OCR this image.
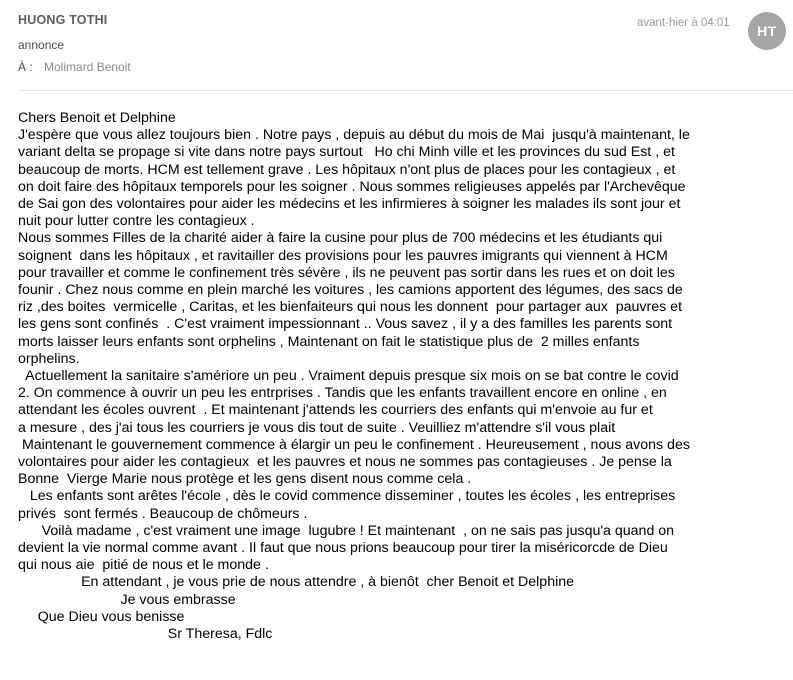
HUONG TOTHI
annonce
À : Molimard Benoit
avant-hier à 04:01	HT

Chers Benoit et Delphine

J'espère que vous allez toujours bien . Notre pays , depuis au début du mois de Mai  jusqu'à maintenant, le

variant delta se propage si vite dans notre pays surtout   Ho chi Minh ville et les provinces du sud Est , et

beaucoup de morts. HCM est tellement grave . Les hôpitaux n'ont plus de places pour les contagieux , et

on doit faire des hôpitaux temporels pour les soigner . Nous sommes religieuses appelés par l'Archevêque

de Sai gon des volontaires pour aider les médecins et les infirmieres à soigner les malades ils sont jour et

nuit pour lutter contre les contagieux .

Nous sommes Filles de la charité aider à faire la cusine pour plus de 700 médecins et les étudiants qui

soignent  dans les hôpitaux , et ravitailler des provisions pour les pauvres imigrants qui viennent à HCM

pour travailler et comme le confinement très sévère , ils ne peuvent pas sortir dans les rues et on doit les

founir . Chez nous comme en plein marché les voitures , les camions apportent des légumes, des sacs de

riz ,des boites  vermicelle , Caritas, et les bienfaiteurs qui nous les donnent  pour partager aux  pauvres et

les gens sont confinés  . C'est vraiment impessionnant .. Vous savez , il y a des familles les parents sont

morts laisser leurs enfants sont orphelins , Maintenant on fait le statistique plus de  2 milles enfants

orphelins.

Actuellement la sanitaire s'amériore un peu . Vraiment depuis presque six mois on se bat contre le covid

2. On commence à ouvrir un peu les entrprises . Tandis que les enfants travaillent encore en online , en

attendant les écoles ouvrent  . Et maintenant j'attends les courriers des enfants qui m'envoie au fur et

a mesure , des j'ai tous les courriers je vous dis tout de suite . Veuilliez m'attendre s'il vous plait

Maintenant le gouvernement commence à élargir un peu le confinement . Heureusement , nous avons des

volontaires pour aider les contagieux  et les pauvres et nous ne sommes pas contagieuses . Je pense la

Bonne  Vierge Marie nous protège et les gens disent nous comme cela .

Les enfants sont arêtes l'école , dès le covid commence disseminer , toutes les écoles , les entreprises

privés  sont fermés . Beaucoup de chômeurs .

Voilà madame , c'est vraiment une image  lugubre ! Et maintenant  , on ne sais pas jusqu'a quand on

devient la vie normal comme avant . Il faut que nous prions beaucoup pour tirer la miséricorcde de Dieu

qui nous aie  pitié de nous et le monde .

En attendant , je vous prie de nous attendre , à bienôt  cher Benoit et Delphine

Je vous embrasse

Que Dieu vous benisse

Sr Theresa, Fdlc
